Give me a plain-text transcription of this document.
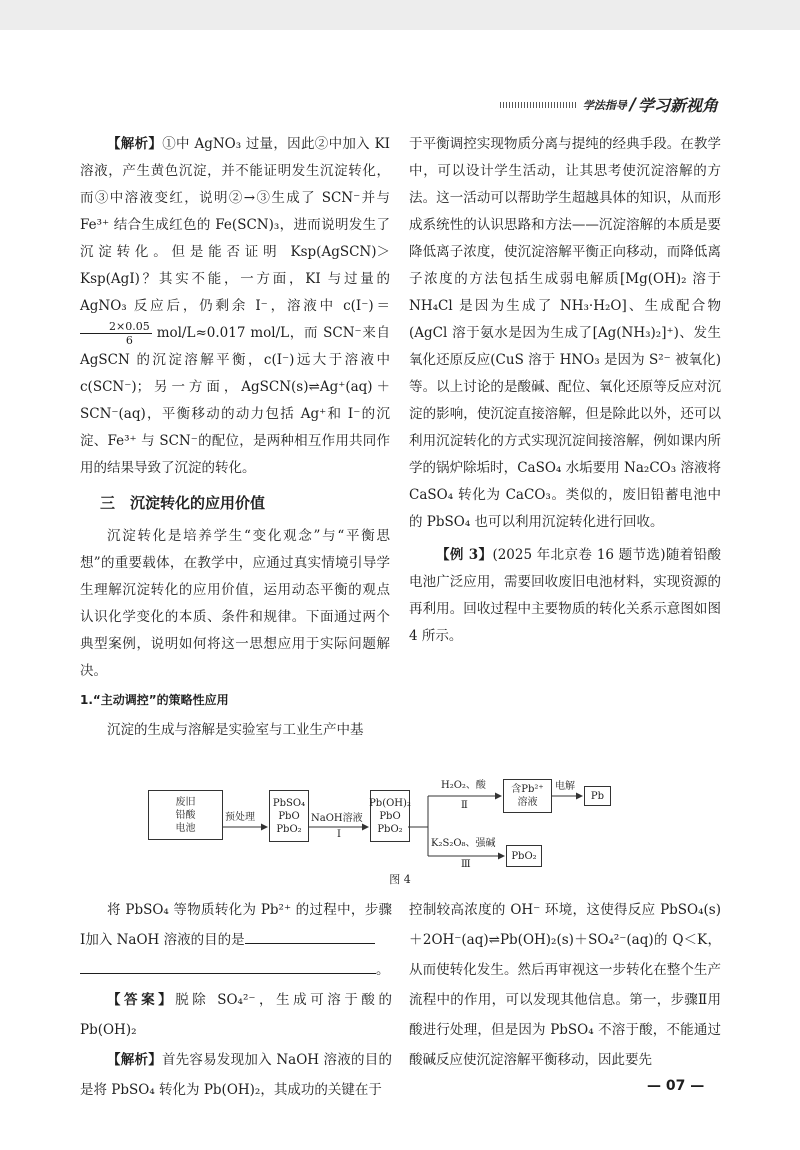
学法指导 / 学习 新视角

【解析】①中 AgNO₃ 过量，因此②中加入 KI 溶液，产生黄色沉淀，并不能证明发生沉淀转化，而③中溶液变红，说明②→③生成了 SCN⁻并与 Fe³⁺ 结合生成红色的 Fe(SCN)₃，进而说明发生了沉淀转化。但是能否证明 Ksp(AgSCN)＞Ksp(AgI)？其实不能，一方面，KI 与过量的 AgNO₃ 反应后，仍剩余 I⁻，溶液中 c(I⁻)＝
$\frac{2\times 0.05}{6} mol/L\approx 0.017$ mol/L，而 SCN⁻来自 AgSCN 的沉淀溶解平衡，c(I⁻)远大于溶液中 c(SCN⁻)；另一方面，AgSCN(s)⇌Ag⁺(aq)＋SCN⁻(aq)，平衡移动的动力包括 Ag⁺和 I⁻的沉淀、Fe³⁺ 与 SCN⁻的配位，是两种相互作用共同作用的结果导致了沉淀的转化。

三　沉淀转化的应用价值

沉淀转化是培养学生“变化观念”与“平衡思想”的重要载体，在教学中，应通过真实情境引导学生理解沉淀转化的应用价值，运用动态平衡的观点认识化学变化的本质、条件和规律。下面通过两个典型案例，说明如何将这一思想应用于实际问题解决。

1.“主动调控”的策略性应用

沉淀的生成与溶解是实验室与工业生产中基

于平衡调控实现物质分离与提纯的经典手段。在教学中，可以设计学生活动，让其思考使沉淀溶解的方法。这一活动可以帮助学生超越具体的知识，从而形成系统性的认识思路和方法——沉淀溶解的本质是要降低离子浓度，使沉淀溶解平衡正向移动，而降低离子浓度的方法包括生成弱电解质[Mg(OH)₂ 溶于 NH₄Cl 是因为生成了 NH₃·H₂O]、生成配合物(AgCl 溶于氨水是因为生成了[Ag(NH₃)₂]⁺)、发生氧化还原反应(CuS 溶于 HNO₃ 是因为 S²⁻ 被氧化)等。以上讨论的是酸碱、配位、氧化还原等反应对沉淀的影响，使沉淀直接溶解，但是除此以外，还可以利用沉淀转化的方式实现沉淀间接溶解，例如课内所学的锅炉除垢时，CaSO₄ 水垢要用 Na₂CO₃ 溶液将 CaSO₄ 转化为 CaCO₃。类似的，废旧铅蓄电池中的 PbSO₄ 也可以利用沉淀转化进行回收。

【例 3】(2025 年北京卷 16 题节选)随着铅酸电池广泛应用，需要回收废旧电池材料，实现资源的再利用。回收过程中主要物质的转化关系示意图如图 4 所示。

废旧
铅酸
电池
预处理
PbSO₄
PbO
PbO₂
NaOH溶液
Ⅰ
Pb(OH)₂
PbO
PbO₂
H₂O₂、酸
Ⅱ
含Pb²⁺
溶液
电解
Pb
K₂S₂O₈、强碱
Ⅲ
PbO₂
图 4

将 PbSO₄ 等物质转化为 Pb²⁺ 的过程中，步骤Ⅰ加入 NaOH 溶液的目的是

。

【答案】脱除 SO₄²⁻，生成可溶于酸的 Pb(OH)₂

【解析】首先容易发现加入 NaOH 溶液的目的是将 PbSO₄ 转化为 Pb(OH)₂，其成功的关键在于

控制较高浓度的 OH⁻ 环境，这使得反应 PbSO₄(s)＋2OH⁻(aq)⇌Pb(OH)₂(s)＋SO₄²⁻(aq)的 Q＜K，从而使转化发生。然后再审视这一步转化在整个生产流程中的作用，可以发现其他信息。第一，步骤Ⅱ用酸进行处理，但是因为 PbSO₄ 不溶于酸，不能通过酸碱反应使沉淀溶解平衡移动，因此要先

— 07 —
